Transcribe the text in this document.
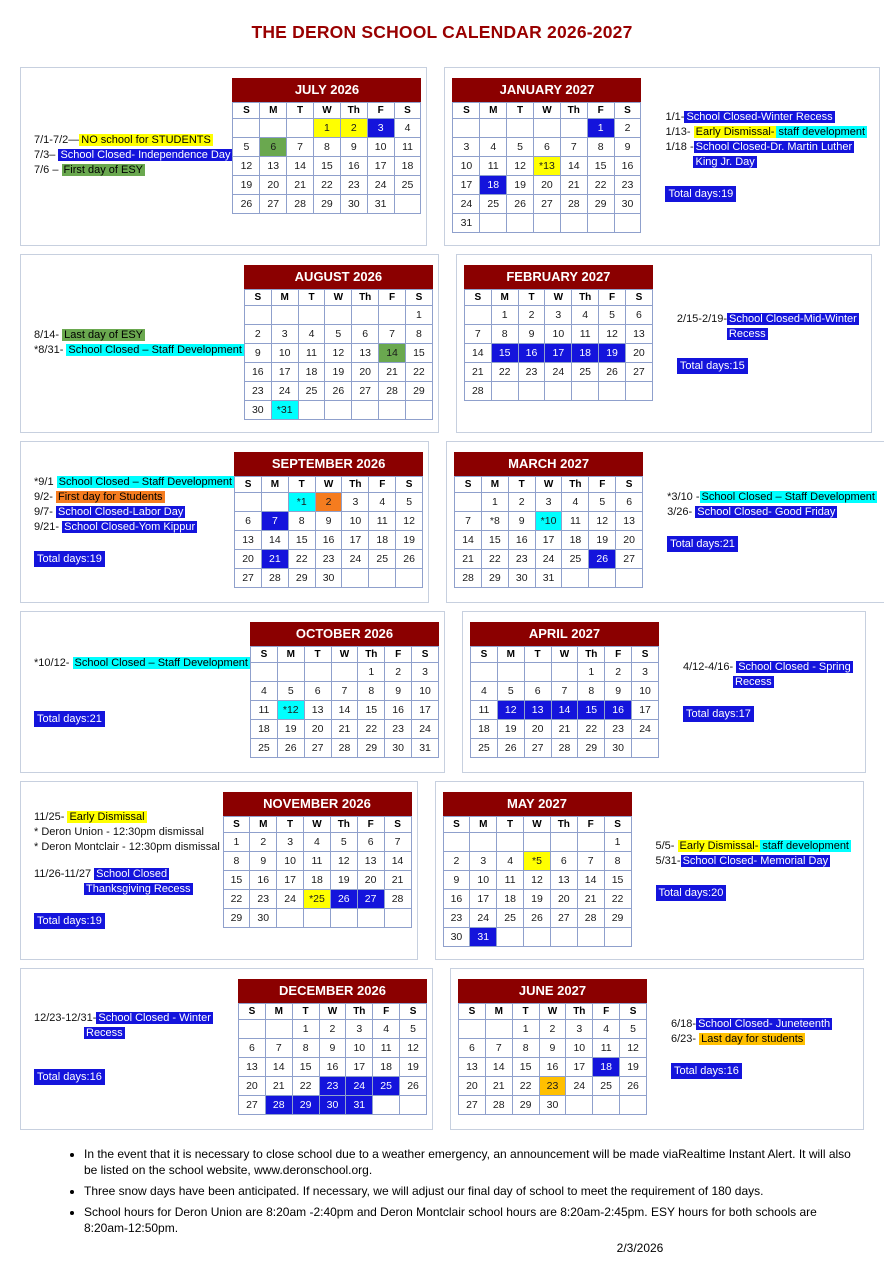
THE DERON SCHOOL CALENDAR 2026-2027
7/1-7/2— NO school for STUDENTS
7/3– School Closed- Independence Day
7/6 – First day of ESY
JULY 2026
S	M	T	W	Th	F	S
			1	2	3	4
5	6	7	8	9	10	11
12	13	14	15	16	17	18
19	20	21	22	23	24	25
26	27	28	29	30	31	
JANUARY 2027
S	M	T	W	Th	F	S
					1	2
3	4	5	6	7	8	9
10	11	12	*13	14	15	16
17	18	19	20	21	22	23
24	25	26	27	28	29	30
31						
1/1- School Closed-Winter Recess
1/13- Early Dismissal- staff development
1/18 - School Closed-Dr. Martin Luther
King Jr. Day
Total days:19
8/14- Last day of ESY
*8/31- School Closed – Staff Development
AUGUST 2026
S	M	T	W	Th	F	S
						1
2	3	4	5	6	7	8
9	10	11	12	13	14	15
16	17	18	19	20	21	22
23	24	25	26	27	28	29
30	*31					
FEBRUARY 2027
S	M	T	W	Th	F	S
	1	2	3	4	5	6
7	8	9	10	11	12	13
14	15	16	17	18	19	20
21	22	23	24	25	26	27
28						
2/15-2/19- School Closed-Mid-Winter
Recess
Total days:15
*9/1 School Closed – Staff Development
9/2- First day for Students
9/7- School Closed-Labor Day
9/21- School Closed-Yom Kippur
Total days:19
SEPTEMBER 2026
S	M	T	W	Th	F	S
		*1	2	3	4	5
6	7	8	9	10	11	12
13	14	15	16	17	18	19
20	21	22	23	24	25	26
27	28	29	30			
MARCH 2027
S	M	T	W	Th	F	S
	1	2	3	4	5	6
7	*8	9	*10	11	12	13
14	15	16	17	18	19	20
21	22	23	24	25	26	27
28	29	30	31			
*3/10 - School Closed – Staff Development
3/26- School Closed- Good Friday
Total days:21
*10/12- School Closed – Staff Development
Total days:21
OCTOBER 2026
S	M	T	W	Th	F	S
				1	2	3
4	5	6	7	8	9	10
11	*12	13	14	15	16	17
18	19	20	21	22	23	24
25	26	27	28	29	30	31
APRIL 2027
S	M	T	W	Th	F	S
				1	2	3
4	5	6	7	8	9	10
11	12	13	14	15	16	17
18	19	20	21	22	23	24
25	26	27	28	29	30	
4/12-4/16- School Closed - Spring
Recess
Total days:17
11/25- Early Dismissal
* Deron Union - 12:30pm dismissal
* Deron Montclair - 12:30pm dismissal
11/26-11/27 School Closed
Thanksgiving Recess
Total days:19
NOVEMBER 2026
S	M	T	W	Th	F	S
1	2	3	4	5	6	7
8	9	10	11	12	13	14
15	16	17	18	19	20	21
22	23	24	*25	26	27	28
29	30					
MAY 2027
S	M	T	W	Th	F	S
						1
2	3	4	*5	6	7	8
9	10	11	12	13	14	15
16	17	18	19	20	21	22
23	24	25	26	27	28	29
30	31					
5/5- Early Dismissal- staff development
5/31- School Closed- Memorial Day
Total days:20
12/23-12/31- School Closed - Winter
Recess
Total days:16
DECEMBER 2026
S	M	T	W	Th	F	S
		1	2	3	4	5
6	7	8	9	10	11	12
13	14	15	16	17	18	19
20	21	22	23	24	25	26
27	28	29	30	31		
JUNE 2027
S	M	T	W	Th	F	S
		1	2	3	4	5
6	7	8	9	10	11	12
13	14	15	16	17	18	19
20	21	22	23	24	25	26
27	28	29	30			
6/18- School Closed- Juneteenth
6/23- Last day for students
Total days:16
• In the event that it is necessary to close school due to a weather emergency, an announcement will be made viaRealtime Instant Alert. It will also be listed on the school website, www.deronschool.org.
• Three snow days have been anticipated. If necessary, we will adjust our final day of school to meet the requirement of 180 days.
• School hours for Deron Union are 8:20am -2:40pm and Deron Montclair school hours are 8:20am-2:45pm. ESY hours for both schools are 8:20am-12:50pm.
2/3/2026
